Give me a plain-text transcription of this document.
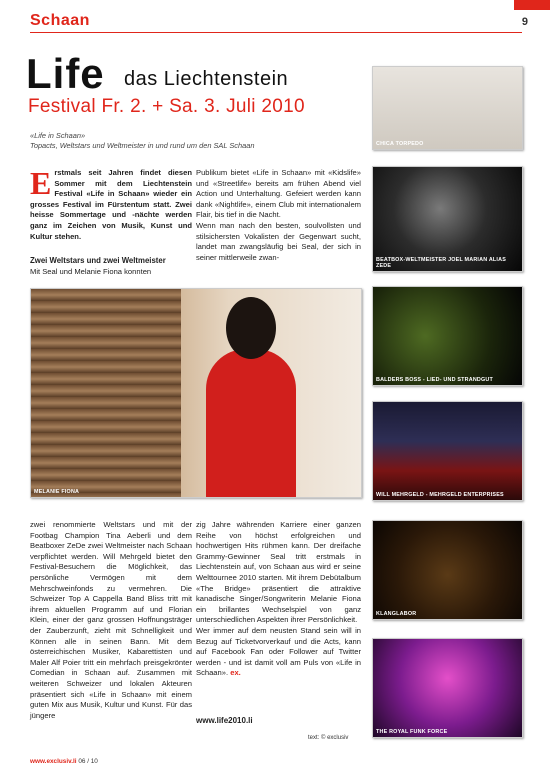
Schaan	9
Life das Liechtenstein
Festival Fr. 2. + Sa. 3. Juli 2010
«Life in Schaan»
Topacts, Weltstars und Weltmeister in und rund um den SAL Schaan
Erstmals seit Jahren findet diesen Sommer mit dem Liechtenstein Festival «Life in Schaan» wieder ein grosses Festival im Fürstentum statt. Zwei heisse Sommertage und -nächte werden ganz im Zeichen von Musik, Kunst und Kultur stehen.
Zwei Weltstars und zwei Weltmeister
Mit Seal und Melanie Fiona konnten

Publikum bietet «Life in Schaan» mit «Kidslife» und «Streetlife» bereits am frühen Abend viel Action und Unterhaltung. Gefeiert werden kann dank «Nightlife», einem Club mit internationalem Flair, bis tief in die Nacht.

Wenn man nach den besten, soulvollsten und stilsichersten Vokalisten der Gegenwart sucht, landet man zwangsläufig bei Seal, der sich in seiner mittlerweile zwan-

MELANIE FIONA
zwei renommierte Weltstars und mit der Footbag Champion Tina Aeberli und dem Beatboxer ZeDe zwei Weltmeister nach Schaan verpflichtet werden. Will Mehrgeld bietet den Festival-Besuchern die Möglichkeit, das persönliche Vermögen mit dem Mehrschweinfonds zu vermehren. Die Schweizer Top A Cappella Band Bliss tritt mit ihrem aktuellen Programm auf und Florian Klein, einer der ganz grossen Hoffnungsträger der Zauberzunft, zieht mit Schnelligkeit und Können alle in seinen Bann. Mit dem österreichischen Musiker, Kabarettisten und Maler Alf Poier tritt ein mehrfach preisgekrönter Comedian in Schaan auf. Zusammen mit weiteren Schweizer und lokalen Akteuren präsentiert sich «Life in Schaan» mit einem guten Mix aus Musik, Kultur und Kunst. Für das jüngere

zig Jahre währenden Karriere einer ganzen Reihe von höchst erfolgreichen und hochwertigen Hits rühmen kann. Der dreifache Grammy-Gewinner Seal tritt erstmals in Liechtenstein auf, von Schaan aus wird er seine Welttournee 2010 starten. Mit ihrem Debütalbum «The Bridge» präsentiert die attraktive kanadische Singer/Songwriterin Melanie Fiona ein brillantes Wechselspiel von ganz unterschiedlichen Aspekten ihrer Persönlichkeit.

Wer immer auf dem neusten Stand sein will in Bezug auf Ticketvorverkauf und die Acts, kann auf Facebook Fan oder Follower auf Twitter werden - und ist damit voll am Puls von «Life in Schaan». ex.

www.life2010.li
text: © exclusiv
CHICA TORPEDO
BEATBOX-WELTMEISTER JOEL MARIAN ALIAS ZEDE
BALDERS BOSS - LIED- UND STRANDGUT
WILL MEHRGELD - MEHRGELD ENTERPRISES
KLANGLABOR
THE ROYAL FUNK FORCE
www.exclusiv.li 06 / 10
